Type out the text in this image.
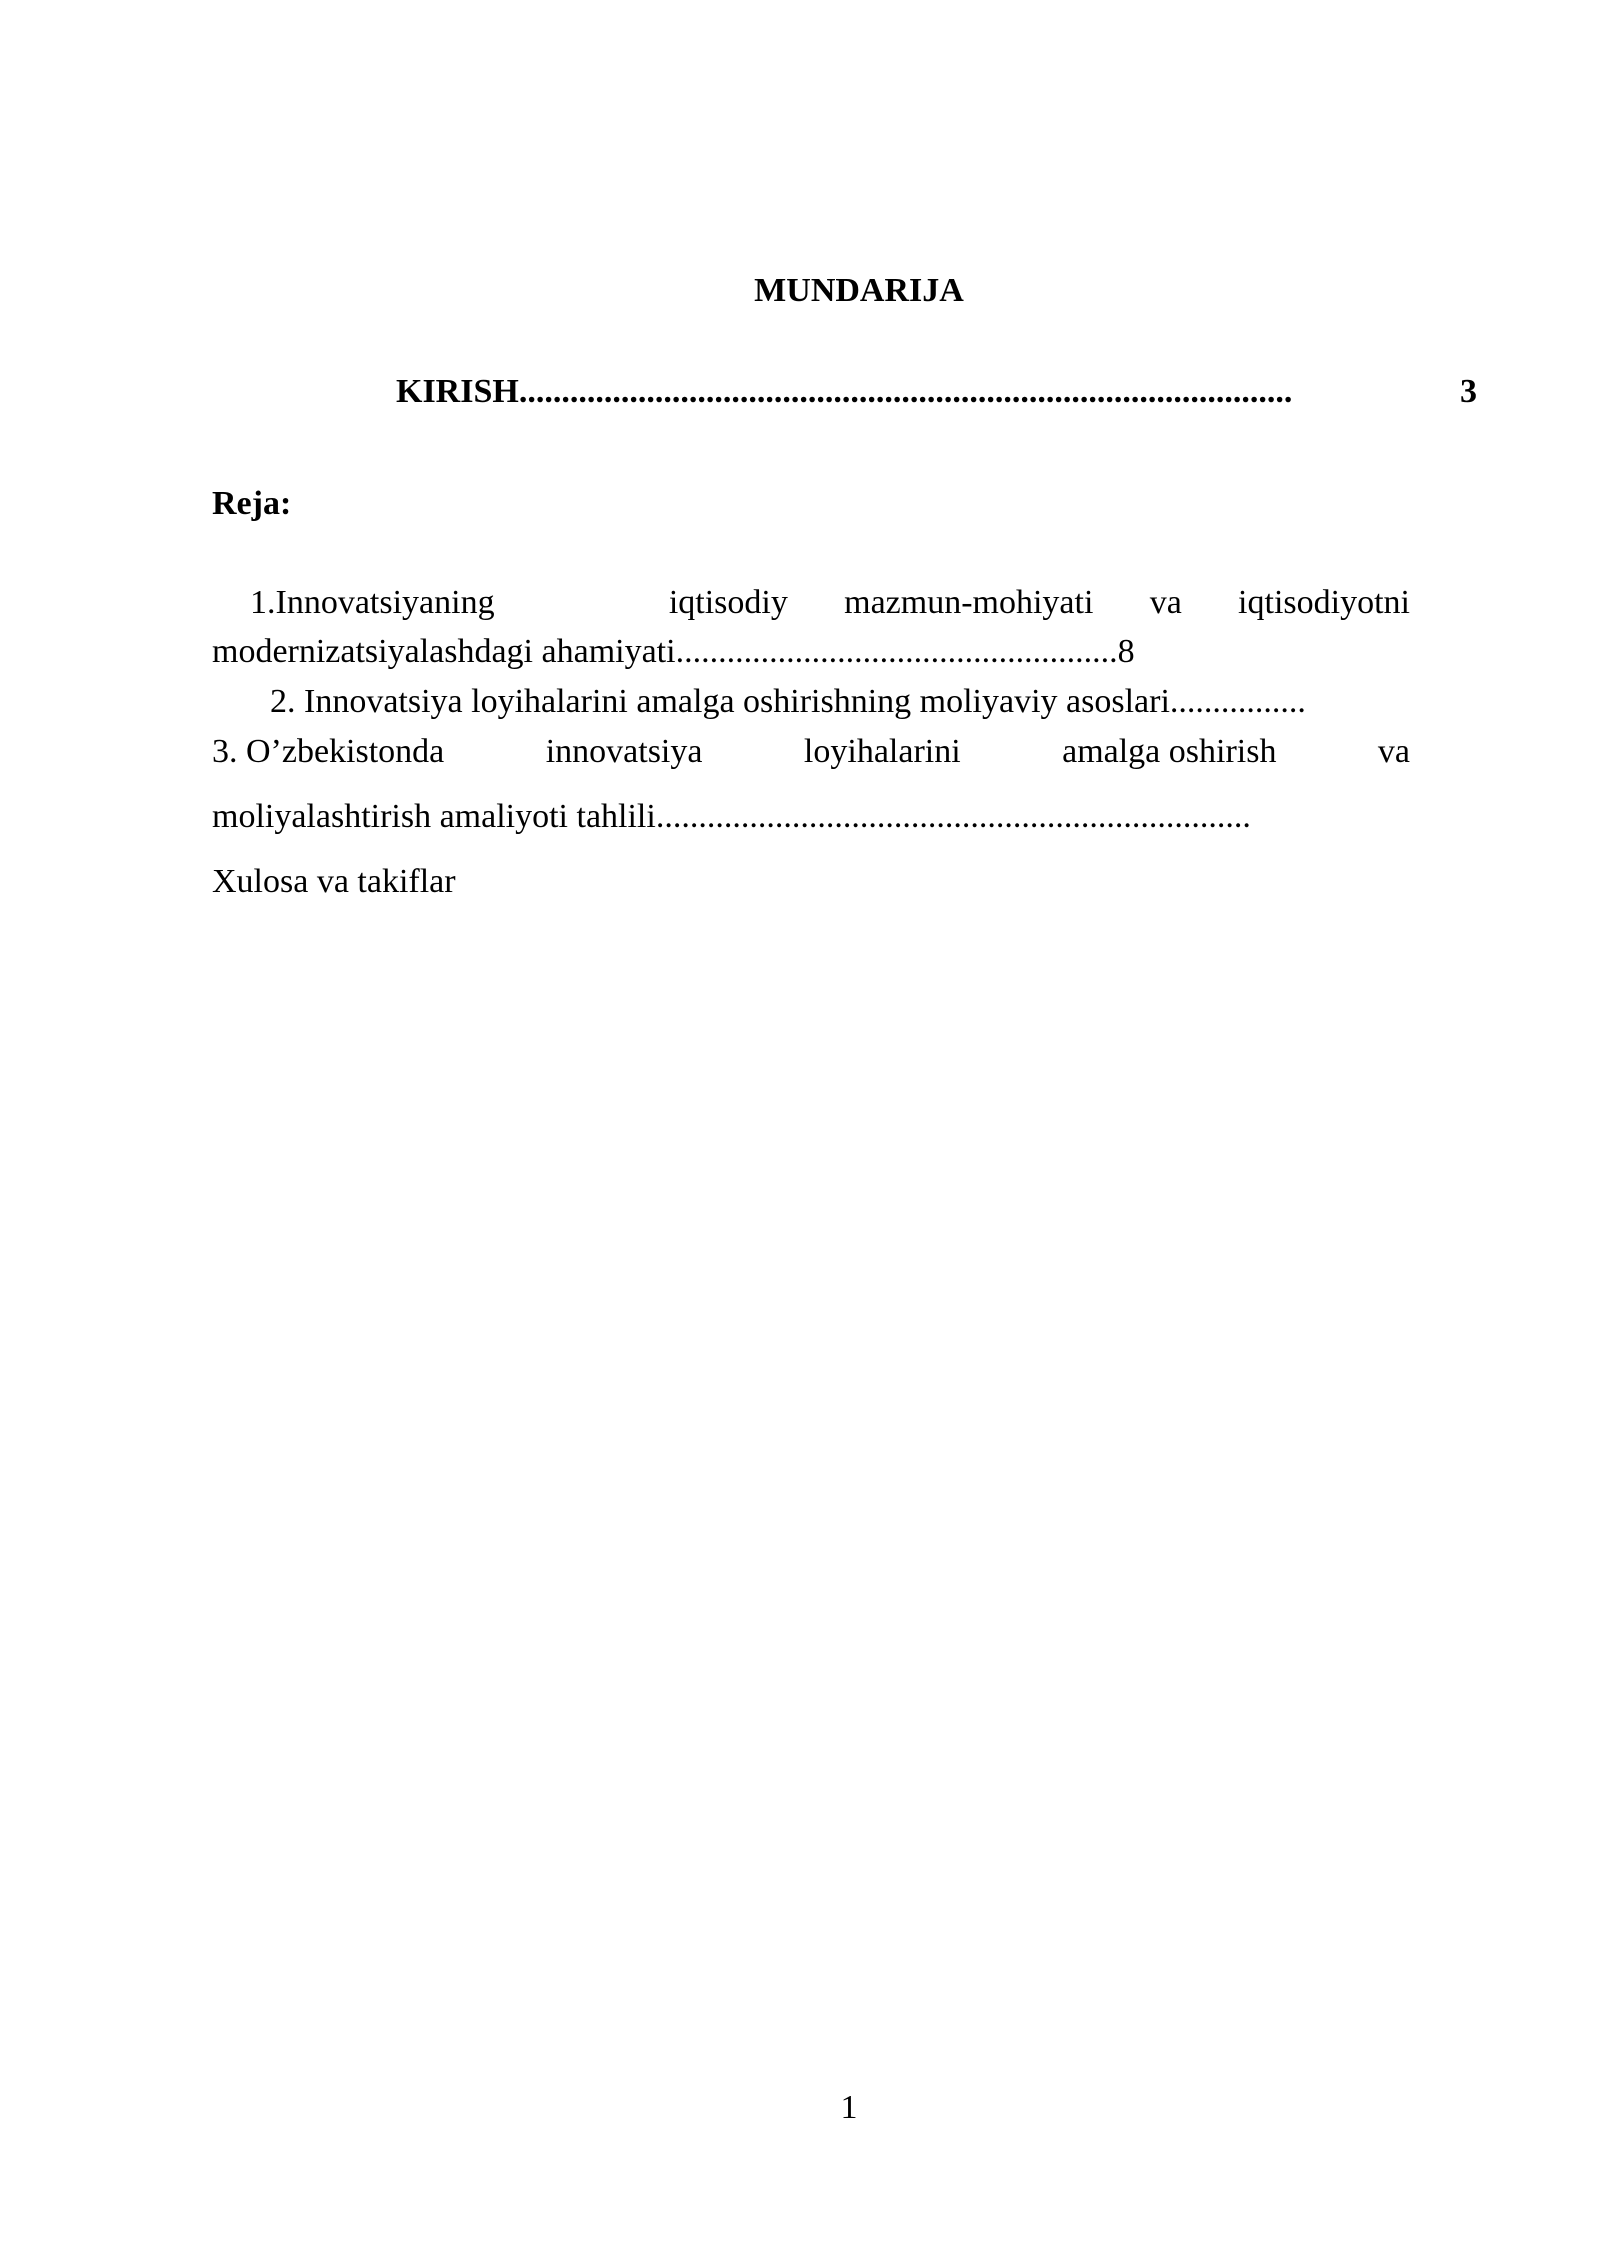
MUNDARIJA
KIRISH...........................................................................................	3
Reja:
1.Innovatsiyaning	iqtisodiy mazmun-mohiyati va iqtisodiyotni
modernizatsiyalashdagi ahamiyati....................................................8
2. Innovatsiya loyihalarini amalga oshirishning moliyaviy asoslari................
3. O’zbekistonda	innovatsiya	loyihalarini	amalga oshirish	va
moliyalashtirish amaliyoti tahlili......................................................................
Xulosa va takiflar
1
